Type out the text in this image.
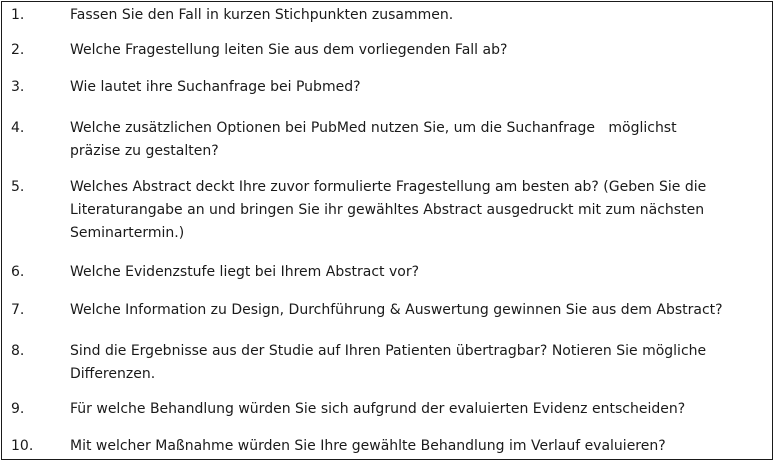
1.	Fassen Sie den Fall in kurzen Stichpunkten zusammen.
2.	Welche Fragestellung leiten Sie aus dem vorliegenden Fall ab?
3.	Wie lautet ihre Suchanfrage bei Pubmed?
4.	Welche zusätzlichen Optionen bei PubMed nutzen Sie, um die Suchanfrage   möglichst
präzise zu gestalten?
5.	Welches Abstract deckt Ihre zuvor formulierte Fragestellung am besten ab? (Geben Sie die
Literaturangabe an und bringen Sie ihr gewähltes Abstract ausgedruckt mit zum nächsten
Seminartermin.)
6.	Welche Evidenzstufe liegt bei Ihrem Abstract vor?
7.	Welche Information zu Design, Durchführung & Auswertung gewinnen Sie aus dem Abstract?
8.	Sind die Ergebnisse aus der Studie auf Ihren Patienten übertragbar? Notieren Sie mögliche
Differenzen.
9.	Für welche Behandlung würden Sie sich aufgrund der evaluierten Evidenz entscheiden?
10.	Mit welcher Maßnahme würden Sie Ihre gewählte Behandlung im Verlauf evaluieren?
